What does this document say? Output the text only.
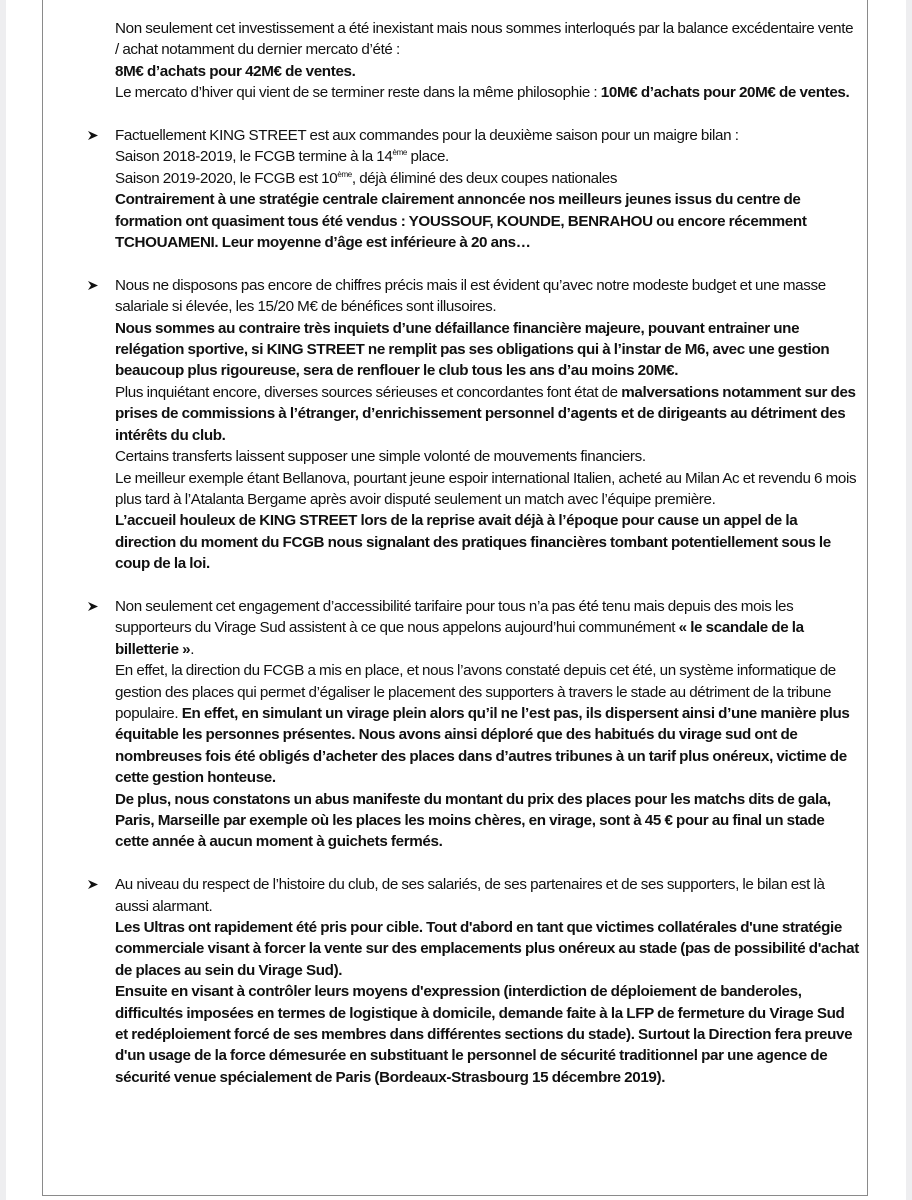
Non seulement cet investissement a été inexistant mais nous sommes interloqués par la balance excédentaire vente / achat notamment du dernier mercato d’été :

8M€ d’achats pour 42M€ de ventes.

Le mercato d’hiver qui vient de se terminer reste dans la même philosophie : 10M€ d’achats pour 20M€ de ventes.

Factuellement KING STREET est aux commandes pour la deuxième saison pour un maigre bilan :

Saison 2018-2019, le FCGB termine à la 14ème place.

Saison 2019-2020, le FCGB est 10ème, déjà éliminé des deux coupes nationales

Contrairement à une stratégie centrale clairement annoncée nos meilleurs jeunes issus du centre de formation ont quasiment tous été vendus : YOUSSOUF, KOUNDE, BENRAHOU ou encore récemment TCHOUAMENI. Leur moyenne d’âge est inférieure à 20 ans…

Nous ne disposons pas encore de chiffres précis mais il est évident qu’avec notre modeste budget et une masse salariale si élevée, les 15/20 M€ de bénéfices sont illusoires.

Nous sommes au contraire très inquiets d’une défaillance financière majeure, pouvant entrainer une relégation sportive, si KING STREET ne remplit pas ses obligations qui à l’instar de M6, avec une gestion beaucoup plus rigoureuse, sera de renflouer le club tous les ans d’au moins 20M€.

Plus inquiétant encore, diverses sources sérieuses et concordantes font état de malversations notamment sur des prises de commissions à l’étranger, d’enrichissement personnel d’agents et de dirigeants au détriment des intérêts du club.

Certains transferts laissent supposer une simple volonté de mouvements financiers.

Le meilleur exemple étant Bellanova, pourtant jeune espoir international Italien, acheté au Milan Ac et revendu 6 mois plus tard à l’Atalanta Bergame après avoir disputé seulement un match avec l’équipe première.

L’accueil houleux de KING STREET lors de la reprise avait déjà à l’époque pour cause un appel de la direction du moment du FCGB nous signalant des pratiques financières tombant potentiellement sous le coup de la loi.

Non seulement cet engagement d’accessibilité tarifaire pour tous n’a pas été tenu mais depuis des mois les supporteurs du Virage Sud assistent à ce que nous appelons aujourd’hui communément « le scandale de la billetterie ».

En effet, la direction du FCGB a mis en place, et nous l’avons constaté depuis cet été, un système informatique de gestion des places qui permet d’égaliser le placement des supporters à travers le stade au détriment de la tribune populaire. En effet, en simulant un virage plein alors qu’il ne l’est pas, ils dispersent ainsi d’une manière plus équitable les personnes présentes. Nous avons ainsi déploré que des habitués du virage sud ont de nombreuses fois été obligés d’acheter des places dans d’autres tribunes à un tarif plus onéreux, victime de cette gestion honteuse.

De plus, nous constatons un abus manifeste du montant du prix des places pour les matchs dits de gala, Paris, Marseille par exemple où les places les moins chères, en virage, sont à 45 € pour au final un stade cette année à aucun moment à guichets fermés.

Au niveau du respect de l’histoire du club, de ses salariés, de ses partenaires et de ses supporters, le bilan est là aussi alarmant.

Les Ultras ont rapidement été pris pour cible. Tout d'abord en tant que victimes collatérales d'une stratégie commerciale visant à forcer la vente sur des emplacements plus onéreux au stade (pas de possibilité d'achat de places au sein du Virage Sud).

Ensuite en visant à contrôler leurs moyens d'expression (interdiction de déploiement de banderoles, difficultés imposées en termes de logistique à domicile, demande faite à la LFP de fermeture du Virage Sud et redéploiement forcé de ses membres dans différentes sections du stade). Surtout la Direction fera preuve d'un usage de la force démesurée en substituant le personnel de sécurité traditionnel par une agence de sécurité venue spécialement de Paris (Bordeaux-Strasbourg 15 décembre 2019).
